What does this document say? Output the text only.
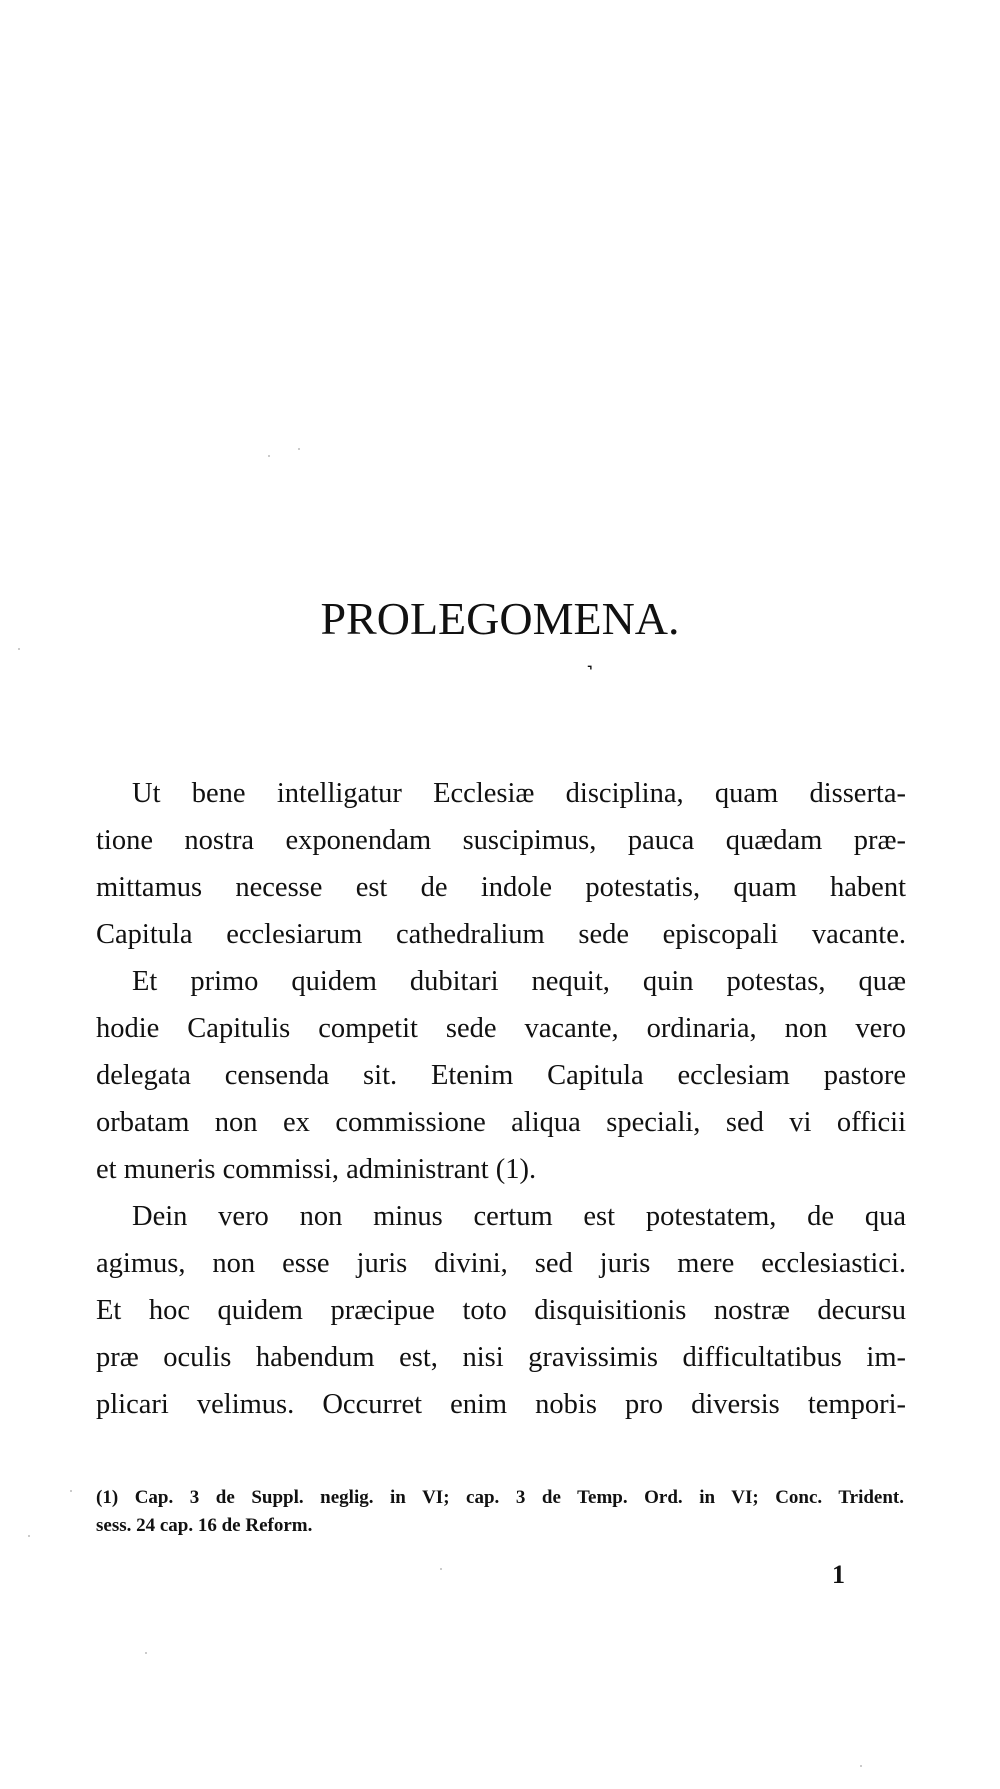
PROLEGOMENA.
˺

Ut bene intelligatur Ecclesiæ disciplina, quam disserta-
tione nostra exponendam suscipimus, pauca quædam præ-
mittamus necesse est de indole potestatis, quam habent
Capitula ecclesiarum cathedralium sede episcopali vacante.

Et primo quidem dubitari nequit, quin potestas, quæ
hodie Capitulis competit sede vacante, ordinaria, non vero
delegata censenda sit. Etenim Capitula ecclesiam pastore
orbatam non ex commissione aliqua speciali, sed vi officii
et muneris commissi, administrant (1).

Dein vero non minus certum est potestatem, de qua
agimus, non esse juris divini, sed juris mere ecclesiastici.
Et hoc quidem præcipue toto disquisitionis nostræ decursu
præ oculis habendum est, nisi gravissimis difficultatibus im-
plicari velimus. Occurret enim nobis pro diversis tempori-

(1) Cap. 3 de Suppl. neglig. in VI; cap. 3 de Temp. Ord. in VI; Conc. Trident.
sess. 24 cap. 16 de Reform.
1
